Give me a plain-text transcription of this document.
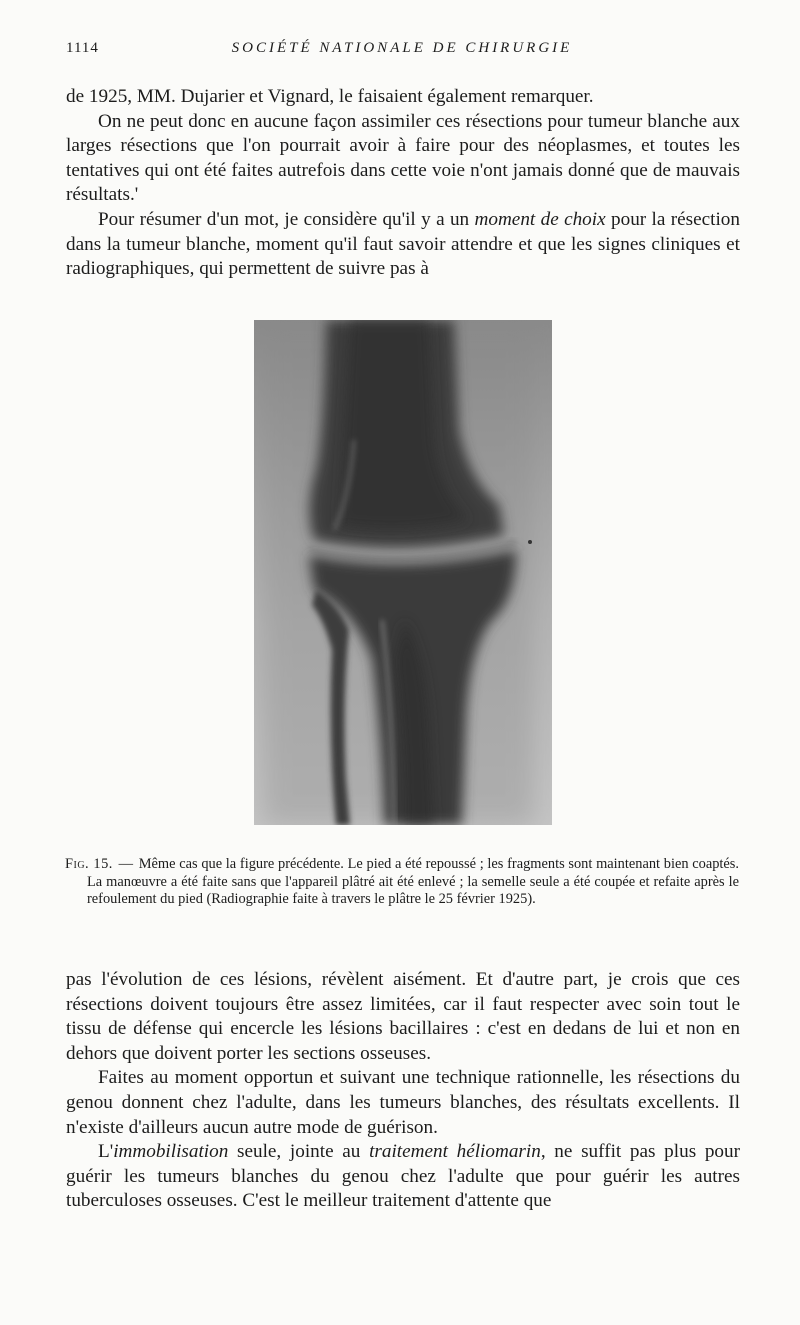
1114	SOCIÉTÉ NATIONALE DE CHIRURGIE

de 1925, MM. Dujarier et Vignard, le faisaient également remarquer.

On ne peut donc en aucune façon assimiler ces résections pour tumeur blanche aux larges résections que l'on pourrait avoir à faire pour des néoplasmes, et toutes les tentatives qui ont été faites autrefois dans cette voie n'ont jamais donné que de mauvais résultats.'

Pour résumer d'un mot, je considère qu'il y a un moment de choix pour la résection dans la tumeur blanche, moment qu'il faut savoir attendre et que les signes cliniques et radiographiques, qui permettent de suivre pas à

Fig. 15. — Même cas que la figure précédente. Le pied a été repoussé ; les fragments sont maintenant bien coaptés. La manœuvre a été faite sans que l'appareil plâtré ait été enlevé ; la semelle seule a été coupée et refaite après le refoulement du pied (Radiographie faite à travers le plâtre le 25 février 1925).

pas l'évolution de ces lésions, révèlent aisément. Et d'autre part, je crois que ces résections doivent toujours être assez limitées, car il faut respecter avec soin tout le tissu de défense qui encercle les lésions bacillaires : c'est en dedans de lui et non en dehors que doivent porter les sections osseuses.

Faites au moment opportun et suivant une technique rationnelle, les résections du genou donnent chez l'adulte, dans les tumeurs blanches, des résultats excellents. Il n'existe d'ailleurs aucun autre mode de guérison.

L'immobilisation seule, jointe au traitement héliomarin, ne suffit pas plus pour guérir les tumeurs blanches du genou chez l'adulte que pour guérir les autres tuberculoses osseuses. C'est le meilleur traitement d'attente que
